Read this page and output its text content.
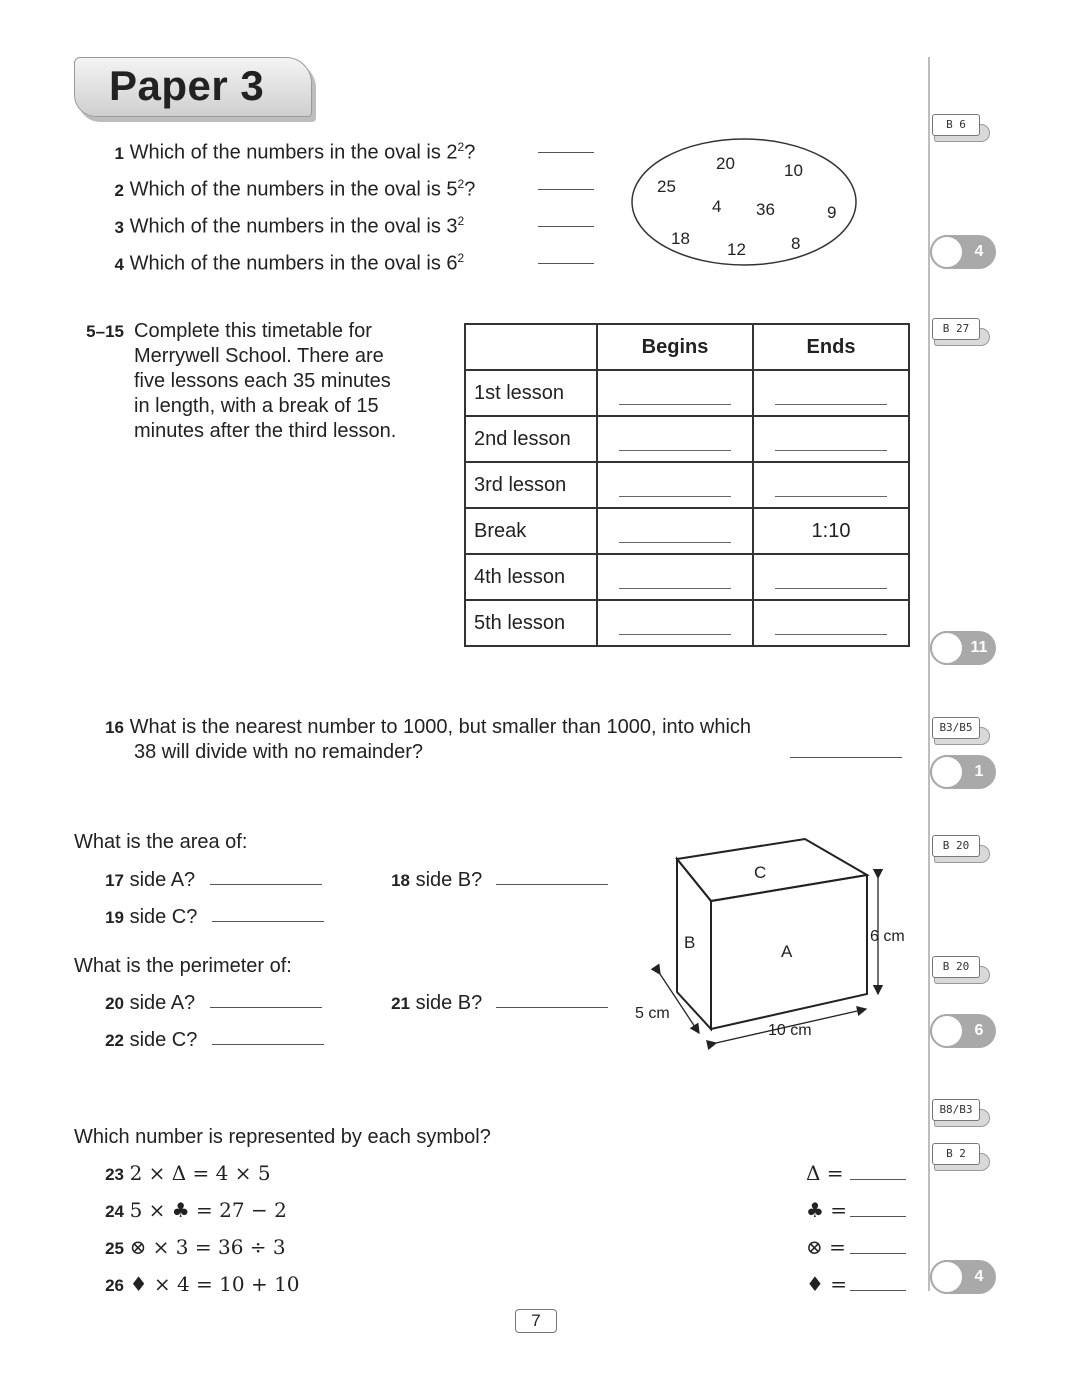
Paper 3
1 Which of the numbers in the oval is $2^2$?
2 Which of the numbers in the oval is $5^2$?
3 Which of the numbers in the oval is $3^2$
4 Which of the numbers in the oval is $6^2$
20	10
25
4 36	9
18
12	8
5–15 Complete this timetable for
Merrywell School. There are
five lessons each 35 minutes
in length, with a break of 15
minutes after the third lesson.
	Begins	Ends
1st lesson	

2nd lesson	

3rd lesson	

Break		1:10
4th lesson	

5th lesson	

16 What is the nearest number to 1000, but smaller than 1000, into which
38 will divide with no remainder?
What is the area of:
17 side A?	18 side B?
19 side C?
What is the perimeter of:
20 side A?	21 side B?
22 side C?
C
B	A
6 cm
5 cm
10 cm
Which number is represented by each symbol?
23 2 × Δ = 4 × 5	Δ =
24 5 × ♣ = 27 − 2	♣ =
25 ⊗ × 3 = 36 ÷ 3	⊗ =
26 ♦ × 4 = 10 + 10	♦ =
B 6
4
B 27
11
B3/B5
1
B 20
B 20
6
B8/B3
B 2
4
7
